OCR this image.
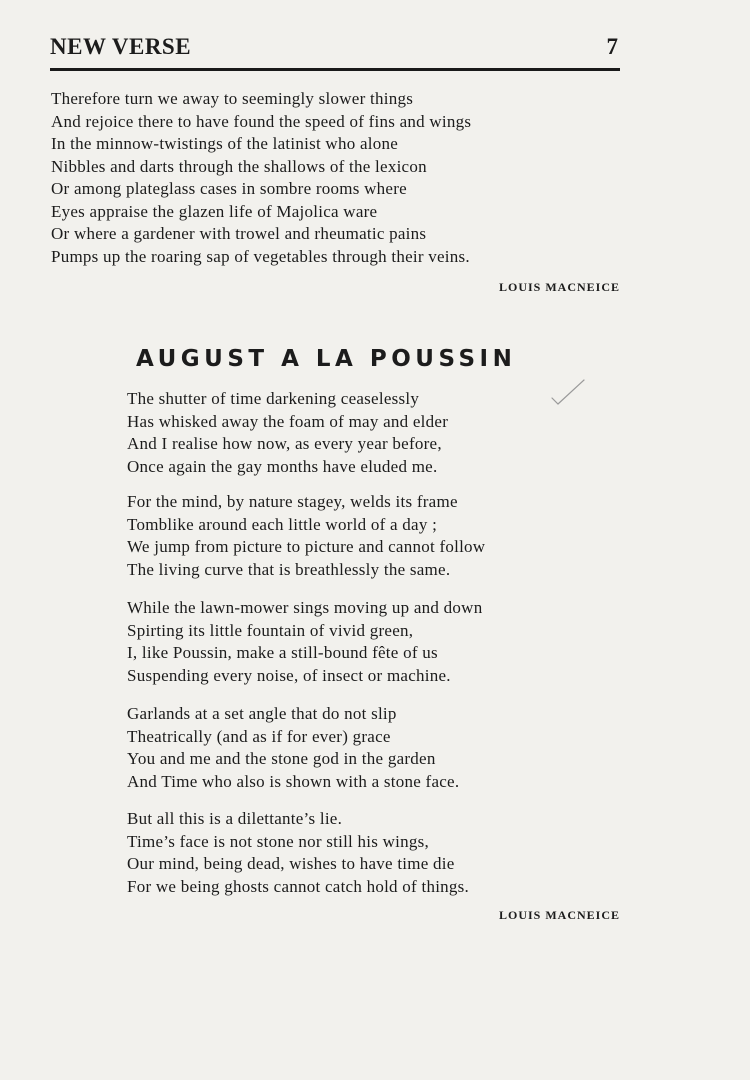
NEW VERSE	7
Therefore turn we away to seemingly slower things
And rejoice there to have found the speed of fins and wings
In the minnow-twistings of the latinist who alone
Nibbles and darts through the shallows of the lexicon
Or among plateglass cases in sombre rooms where
Eyes appraise the glazen life of Majolica ware
Or where a gardener with trowel and rheumatic pains
Pumps up the roaring sap of vegetables through their veins.
LOUIS MACNEICE
AUGUST A LA POUSSIN
The shutter of time darkening ceaselessly
Has whisked away the foam of may and elder
And I realise how now, as every year before,
Once again the gay months have eluded me.
For the mind, by nature stagey, welds its frame
Tomblike around each little world of a day ;
We jump from picture to picture and cannot follow
The living curve that is breathlessly the same.
While the lawn-mower sings moving up and down
Spirting its little fountain of vivid green,
I, like Poussin, make a still-bound fête of us
Suspending every noise, of insect or machine.
Garlands at a set angle that do not slip
Theatrically (and as if for ever) grace
You and me and the stone god in the garden
And Time who also is shown with a stone face.
But all this is a dilettante’s lie.
Time’s face is not stone nor still his wings,
Our mind, being dead, wishes to have time die
For we being ghosts cannot catch hold of things.
LOUIS MACNEICE
